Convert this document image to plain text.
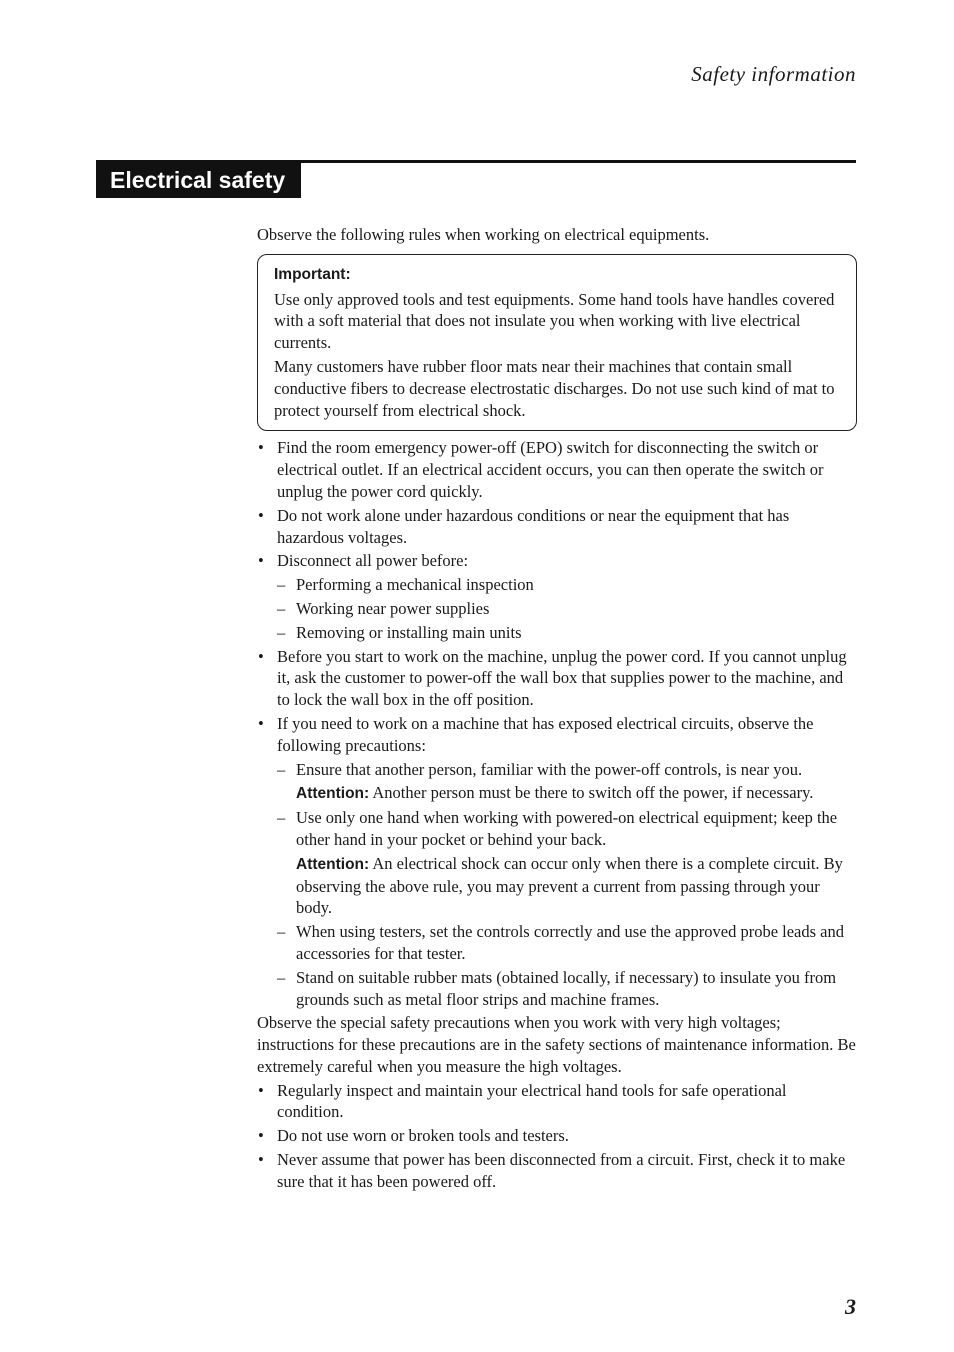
Safety information
Electrical safety

Observe the following rules when working on electrical equipments.

Important:

Use only approved tools and test equipments. Some hand tools have handles covered with a soft material that does not insulate you when working with live electrical currents.

Many customers have rubber floor mats near their machines that contain small conductive fibers to decrease electrostatic discharges. Do not use such kind of mat to protect yourself from electrical shock.

• Find the room emergency power-off (EPO) switch for disconnecting the switch or electrical outlet. If an electrical accident occurs, you can then operate the switch or unplug the power cord quickly.
• Do not work alone under hazardous conditions or near the equipment that has hazardous voltages.
• Disconnect all power before:
– Performing a mechanical inspection
– Working near power supplies
– Removing or installing main units
• Before you start to work on the machine, unplug the power cord. If you cannot unplug it, ask the customer to power-off the wall box that supplies power to the machine, and to lock the wall box in the off position.
• If you need to work on a machine that has exposed electrical circuits, observe the following precautions:
– Ensure that another person, familiar with the power-off controls, is near you.
Attention: Another person must be there to switch off the power, if necessary.
– Use only one hand when working with powered-on electrical equipment; keep the other hand in your pocket or behind your back.
Attention: An electrical shock can occur only when there is a complete circuit. By observing the above rule, you may prevent a current from passing through your body.
– When using testers, set the controls correctly and use the approved probe leads and accessories for that tester.
– Stand on suitable rubber mats (obtained locally, if necessary) to insulate you from grounds such as metal floor strips and machine frames.

Observe the special safety precautions when you work with very high voltages; instructions for these precautions are in the safety sections of maintenance information. Be extremely careful when you measure the high voltages.

• Regularly inspect and maintain your electrical hand tools for safe operational condition.
• Do not use worn or broken tools and testers.
• Never assume that power has been disconnected from a circuit. First, check it to make sure that it has been powered off.
3
